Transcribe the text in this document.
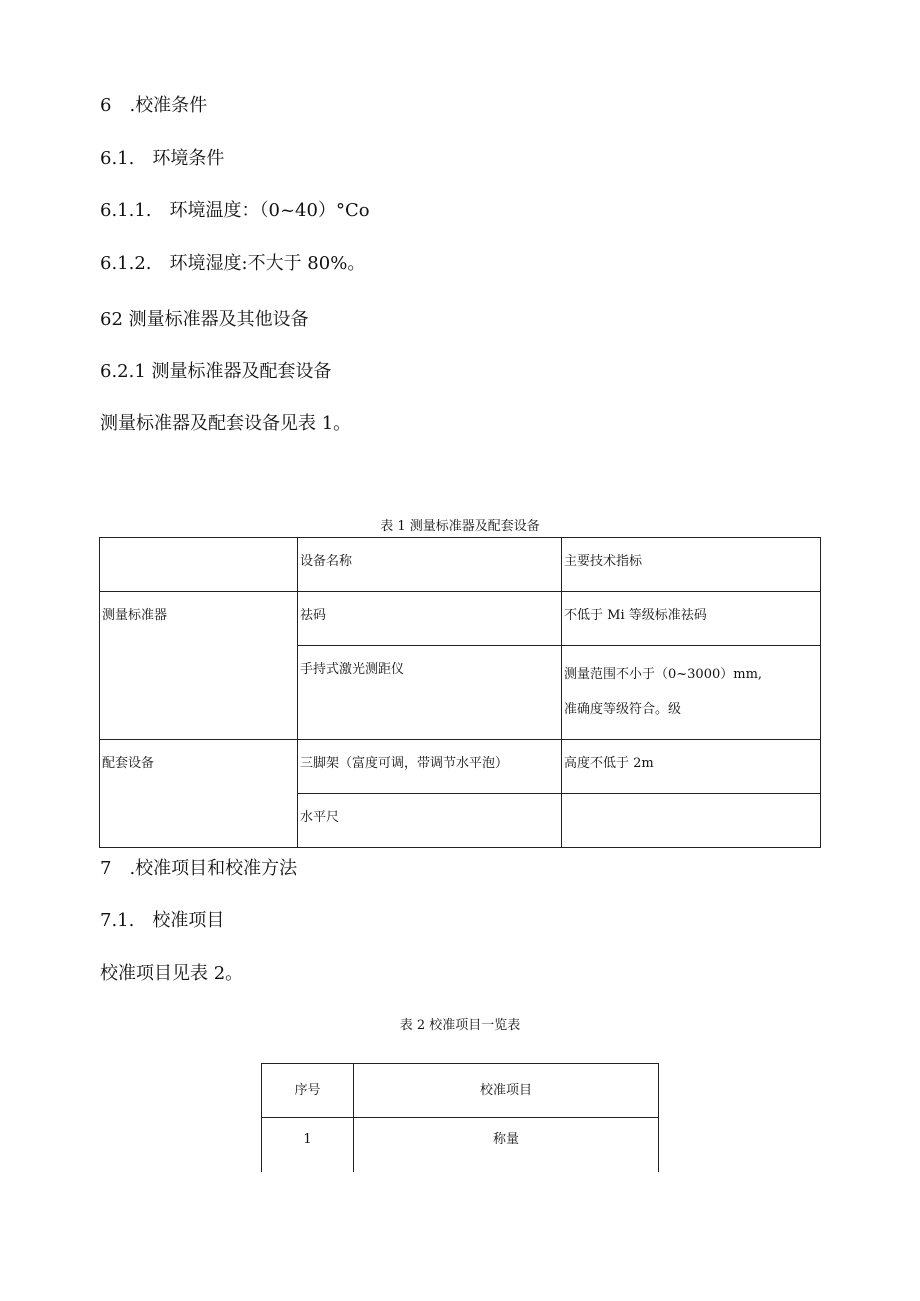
6　.校准条件

6.1.　环境条件

6.1.1.　环境温度：（0~40）°Co

6.1.2.　环境湿度:不大于 80%。

62 测量标准器及其他设备

6.2.1 测量标准器及配套设备

测量标准器及配套设备见表 1。

表 1 测量标准器及配套设备

	设备名称	主要技术指标
测量标准器	祛码	不低于 Mi 等级标准祛码

	手持式激光测距仪	测量范围不小于（0~3000）mm,
准确度等级符合。级

配套设备	三脚架（富度可调，带调节水平泡）	高度不低于 2m

	水平尺	

7　.校准项目和校准方法

7.1.　校准项目

校准项目见表 2。

表 2 校准项目一览表

序号	校准项目
1	称量
